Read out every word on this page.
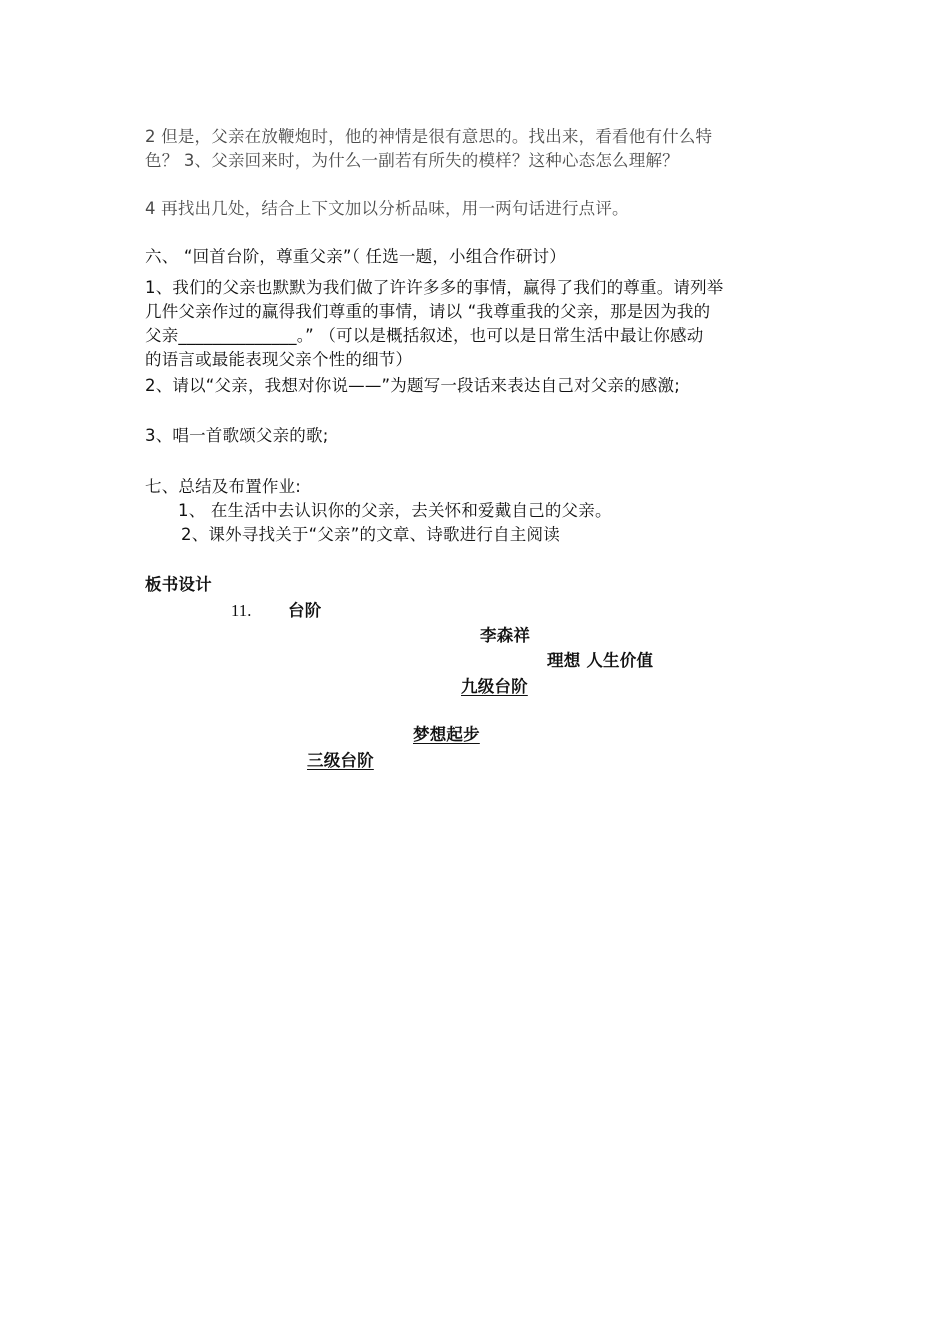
2 但是，父亲在放鞭炮时，他的神情是很有意思的。找出来，看看他有什么特
色？ 3、父亲回来时，为什么一副若有所失的模样？这种心态怎么理解？
4 再找出几处，结合上下文加以分析品味，用一两句话进行点评。
六、 “回首台阶，尊重父亲”（ 任选一题，小组合作研讨）
1、我们的父亲也默默为我们做了许许多多的事情，赢得了我们的尊重。请列举
几件父亲作过的赢得我们尊重的事情，请以 “我尊重我的父亲，那是因为我的
父亲______________。” （可以是概括叙述，也可以是日常生活中最让你感动
的语言或最能表现父亲个性的细节）
2、请以“父亲，我想对你说——”为题写一段话来表达自己对父亲的感激;
3、唱一首歌颂父亲的歌;
七、总结及布置作业:
1、 在生活中去认识你的父亲，去关怀和爱戴自己的父亲。
2、课外寻找关于“父亲”的文章、诗歌进行自主阅读
板书设计
11. 台阶
李森祥
理想 人生价值
九级台阶
梦想起步
三级台阶
